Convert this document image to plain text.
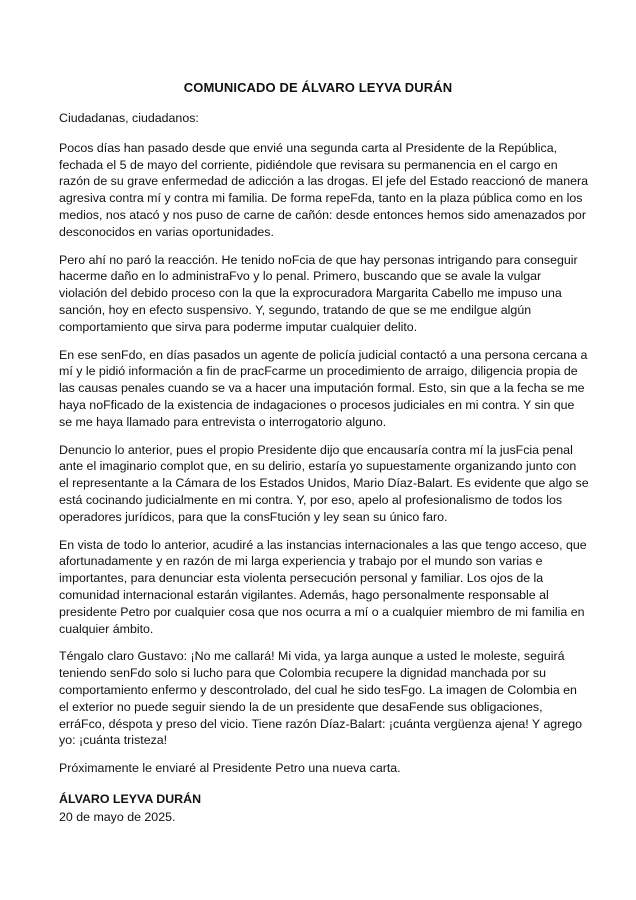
COMUNICADO DE ÁLVARO LEYVA DURÁN

Ciudadanas, ciudadanos:

Pocos días han pasado desde que envié una segunda carta al Presidente de la República, fechada el 5 de mayo del corriente, pidiéndole que revisara su permanencia en el cargo en razón de su grave enfermedad de adicción a las drogas. El jefe del Estado reaccionó de manera agresiva contra mí y contra mi familia. De forma repeFda, tanto en la plaza pública como en los medios, nos atacó y nos puso de carne de cañón: desde entonces hemos sido amenazados por desconocidos en varias oportunidades.

Pero ahí no paró la reacción. He tenido noFcia de que hay personas intrigando para conseguir hacerme daño en lo administraFvo y lo penal. Primero, buscando que se avale la vulgar violación del debido proceso con la que la exprocuradora Margarita Cabello me impuso una sanción, hoy en efecto suspensivo. Y, segundo, tratando de que se me endilgue algún comportamiento que sirva para poderme imputar cualquier delito.

En ese senFdo, en días pasados un agente de policía judicial contactó a una persona cercana a mí y le pidió información a fin de pracFcarme un procedimiento de arraigo, diligencia propia de las causas penales cuando se va a hacer una imputación formal. Esto, sin que a la fecha se me haya noFficado de la existencia de indagaciones o procesos judiciales en mi contra. Y sin que se me haya llamado para entrevista o interrogatorio alguno.

Denuncio lo anterior, pues el propio Presidente dijo que encausaría contra mí la jusFcia penal ante el imaginario complot que, en su delirio, estaría yo supuestamente organizando junto con el representante a la Cámara de los Estados Unidos, Mario Díaz-Balart. Es evidente que algo se está cocinando judicialmente en mi contra. Y, por eso, apelo al profesionalismo de todos los operadores jurídicos, para que la consFtución y ley sean su único faro.

En vista de todo lo anterior, acudiré a las instancias internacionales a las que tengo acceso, que afortunadamente y en razón de mi larga experiencia y trabajo por el mundo son varias e importantes, para denunciar esta violenta persecución personal y familiar. Los ojos de la comunidad internacional estarán vigilantes. Además, hago personalmente responsable al presidente Petro por cualquier cosa que nos ocurra a mí o a cualquier miembro de mi familia en cualquier ámbito.

Téngalo claro Gustavo: ¡No me callará! Mi vida, ya larga aunque a usted le moleste, seguirá teniendo senFdo solo si lucho para que Colombia recupere la dignidad manchada por su comportamiento enfermo y descontrolado, del cual he sido tesFgo. La imagen de Colombia en el exterior no puede seguir siendo la de un presidente que desaFende sus obligaciones, erráFco, déspota y preso del vicio. Tiene razón Díaz-Balart: ¡cuánta vergüenza ajena! Y agrego yo: ¡cuánta tristeza!

Próximamente le enviaré al Presidente Petro una nueva carta.

ÁLVARO LEYVA DURÁN

20 de mayo de 2025.
